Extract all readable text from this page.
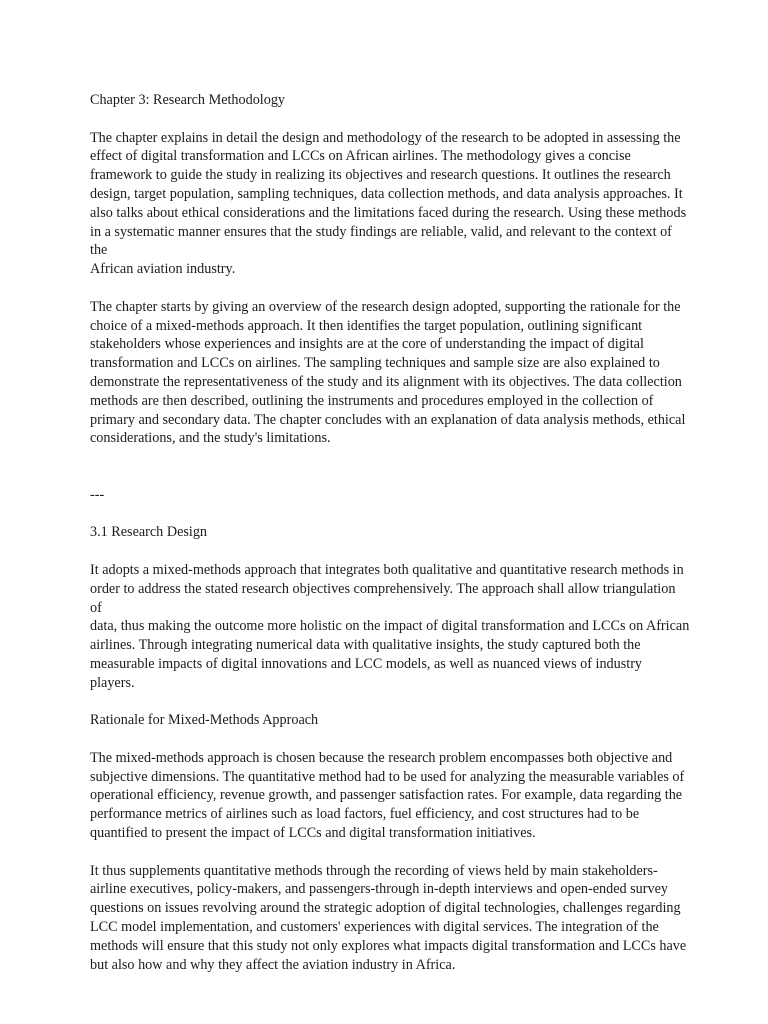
Chapter 3: Research Methodology

The chapter explains in detail the design and methodology of the research to be adopted in assessing the
effect of digital transformation and LCCs on African airlines. The methodology gives a concise
framework to guide the study in realizing its objectives and research questions. It outlines the research
design, target population, sampling techniques, data collection methods, and data analysis approaches. It
also talks about ethical considerations and the limitations faced during the research. Using these methods
in a systematic manner ensures that the study findings are reliable, valid, and relevant to the context of the
African aviation industry.

The chapter starts by giving an overview of the research design adopted, supporting the rationale for the
choice of a mixed-methods approach. It then identifies the target population, outlining significant
stakeholders whose experiences and insights are at the core of understanding the impact of digital
transformation and LCCs on airlines. The sampling techniques and sample size are also explained to
demonstrate the representativeness of the study and its alignment with its objectives. The data collection
methods are then described, outlining the instruments and procedures employed in the collection of
primary and secondary data. The chapter concludes with an explanation of data analysis methods, ethical
considerations, and the study's limitations.

---

3.1 Research Design

It adopts a mixed-methods approach that integrates both qualitative and quantitative research methods in
order to address the stated research objectives comprehensively. The approach shall allow triangulation of
data, thus making the outcome more holistic on the impact of digital transformation and LCCs on African
airlines. Through integrating numerical data with qualitative insights, the study captured both the
measurable impacts of digital innovations and LCC models, as well as nuanced views of industry players.

Rationale for Mixed-Methods Approach

The mixed-methods approach is chosen because the research problem encompasses both objective and
subjective dimensions. The quantitative method had to be used for analyzing the measurable variables of
operational efficiency, revenue growth, and passenger satisfaction rates. For example, data regarding the
performance metrics of airlines such as load factors, fuel efficiency, and cost structures had to be
quantified to present the impact of LCCs and digital transformation initiatives.

It thus supplements quantitative methods through the recording of views held by main stakeholders-
airline executives, policy-makers, and passengers-through in-depth interviews and open-ended survey
questions on issues revolving around the strategic adoption of digital technologies, challenges regarding
LCC model implementation, and customers' experiences with digital services. The integration of the
methods will ensure that this study not only explores what impacts digital transformation and LCCs have
but also how and why they affect the aviation industry in Africa.
